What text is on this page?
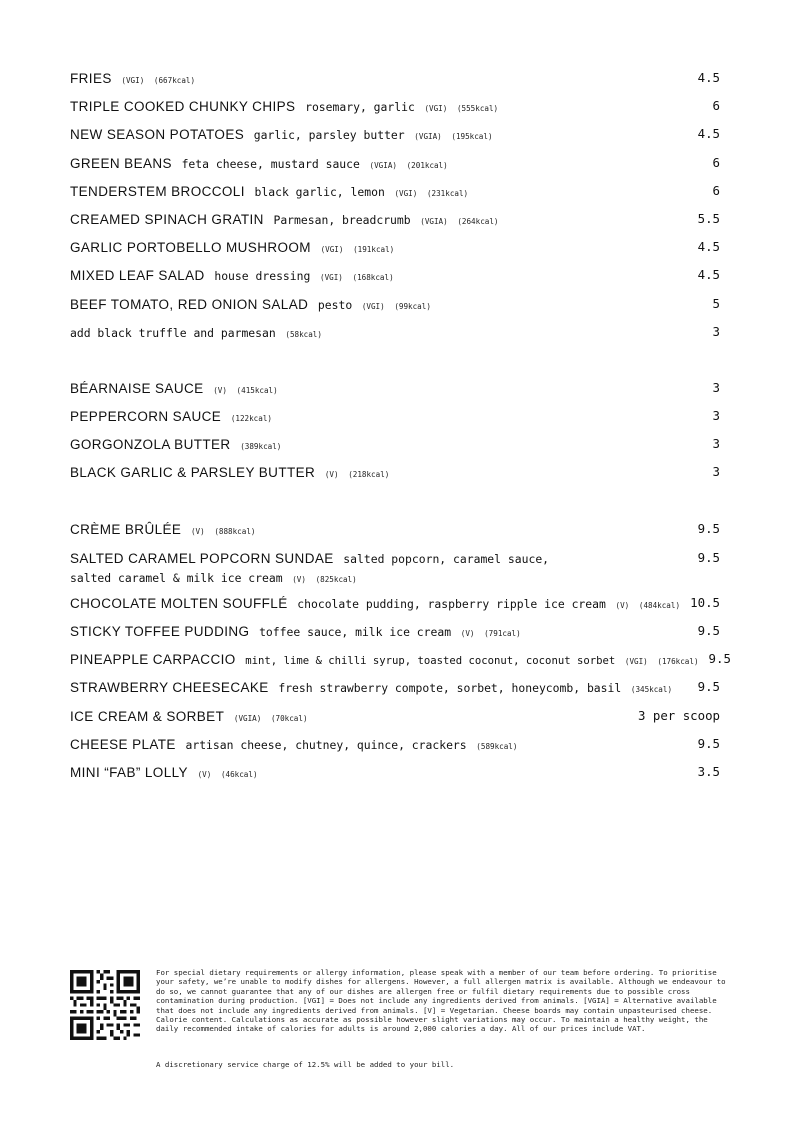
FRIES (VGI) (667kcal)	4.5
TRIPLE COOKED CHUNKY CHIPS rosemary, garlic (VGI) (555kcal)	6
NEW SEASON POTATOES garlic, parsley butter (VGIA) (195kcal)	4.5
GREEN BEANS feta cheese, mustard sauce (VGIA) (201kcal)	6
TENDERSTEM BROCCOLI black garlic, lemon (VGI) (231kcal)	6
CREAMED SPINACH GRATIN Parmesan, breadcrumb (VGIA) (264kcal)	5.5
GARLIC PORTOBELLO MUSHROOM (VGI) (191kcal)	4.5
MIXED LEAF SALAD house dressing (VGI) (168kcal)	4.5
BEEF TOMATO, RED ONION SALAD pesto (VGI) (99kcal)	5
add black truffle and parmesan (58kcal)	3
BÉARNAISE SAUCE (V) (415kcal)	3
PEPPERCORN SAUCE (122kcal)	3
GORGONZOLA BUTTER (389kcal)	3
BLACK GARLIC & PARSLEY BUTTER (V) (218kcal)	3
CRÈME BRÛLÉE (V) (888kcal)	9.5
SALTED CARAMEL POPCORN SUNDAE salted popcorn, caramel sauce,
salted caramel & milk ice cream (V) (825kcal)
9.5
CHOCOLATE MOLTEN SOUFFLÉ chocolate pudding, raspberry ripple ice cream (V) (484kcal) 10.5
STICKY TOFFEE PUDDING toffee sauce, milk ice cream (V) (791cal)	9.5
PINEAPPLE CARPACCIO mint, lime & chilli syrup, toasted coconut, coconut sorbet (VGI) (176kcal) 9.5
STRAWBERRY CHEESECAKE fresh strawberry compote, sorbet, honeycomb, basil (345kcal)	9.5
ICE CREAM & SORBET (VGIA) (70kcal)	3 per scoop
CHEESE PLATE artisan cheese, chutney, quince, crackers (589kcal)	9.5
MINI “FAB” LOLLY (V) (46kcal)	3.5
For special dietary requirements or allergy information, please speak with a member of our team before ordering. To prioritise your safety, we’re unable to modify dishes for allergens. However, a full allergen matrix is available. Although we endeavour to do so, we cannot guarantee that any of our dishes are allergen free or fulfil dietary requirements due to possible cross contamination during production. [VGI] = Does not include any ingredients derived from animals. [VGIA] = Alternative available that does not include any ingredients derived from animals. [V] = Vegetarian. Cheese boards may contain unpasteurised cheese. Calorie content. Calculations as accurate as possible however slight variations may occur. To maintain a healthy weight, the daily recommended intake of calories for adults is around 2,000 calories a day. All of our prices include VAT.
A discretionary service charge of 12.5% will be added to your bill.
